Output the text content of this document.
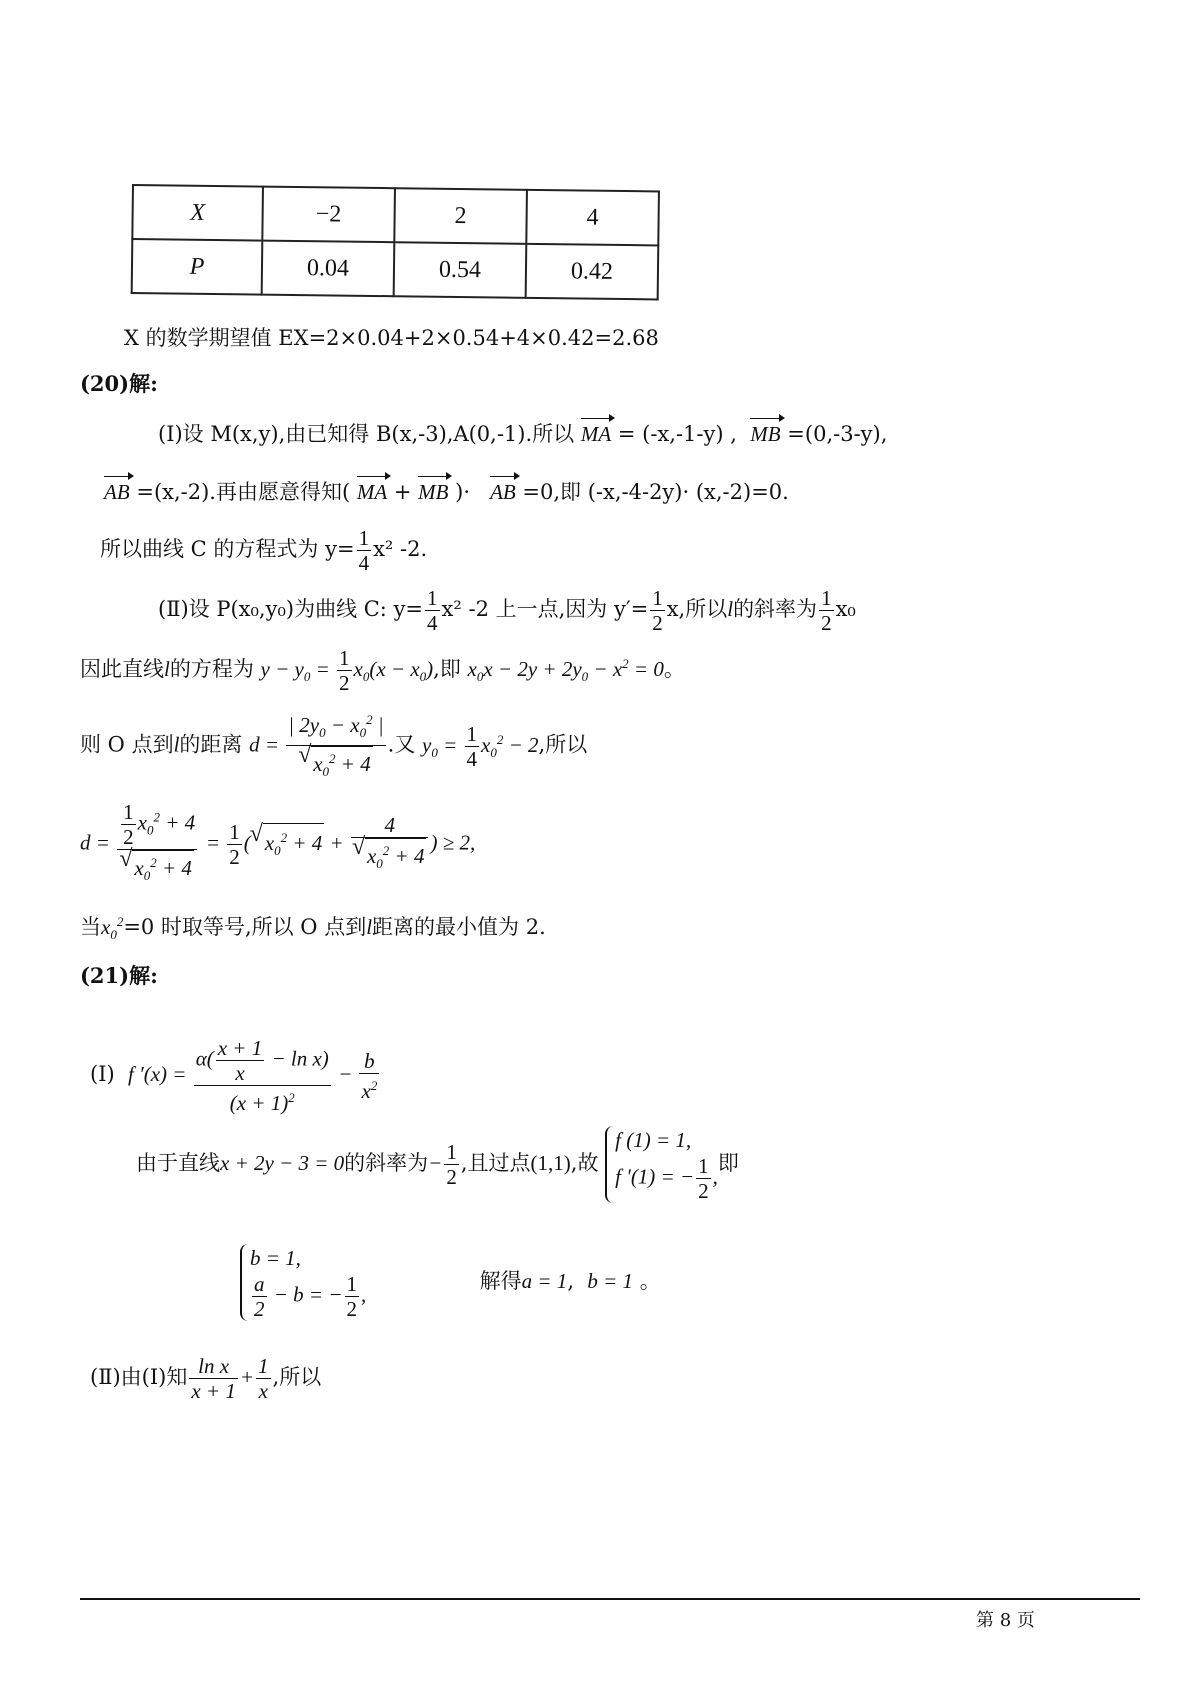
X	−2	2	4
P	0.04	0.54	0.42
X 的数学期望值 EX=2×0.04+2×0.54+4×0.42=2.68
(20)解:
(Ⅰ)设 M(x,y),由已知得 B(x,-3),A(0,-1).所以 MA = (-x,-1-y) , MB =(0,-3-y),
AB =(x,-2).再由愿意得知( MA + MB )· AB =0,即 (-x,-4-2y)· (x,-2)=0.
所以曲线 C 的方程式为 $y= \frac{1}{4} x^2$ -2.
(Ⅱ)设 P(x₀,y₀)为曲线 C: $y= \frac{1}{4} x^2$ -2 上一点,因为 $y'= \frac{1}{2} x$,所以l的斜率为 $\frac{1}{2} x_0$
因此直线l的方程为 $y - y_0 = \frac{1}{2} x_0(x - x_0)$,即 $x_0x - 2y + 2y_0 - x^2 = 0$。
则 O 点到l的距离 d = | $2y_0 - x_0^2$ |
√ $x_0^2 + 4$ .又 $y_0 = \frac{1}{4} x_0^2 - 2$,所以
$d = \frac{1}{2} x_0^2 + 4$
√ $x_0^2 + 4 = \frac{1}{2}$ ( √ $x_0^2 + 4 + 4$
√ $x_0^2 + 4$ ) ≥ 2,
当$x_0^2=0$ 时取等号,所以 O 点到l距离的最小值为 2.
(21)解:
(Ⅰ) f $'(x) = \frac{\alpha( \frac{x + 1}{x} - \ln x)}{(x + 1)^2} - \frac{b}{x^2}$
由于直线x + 2y − 3 = 0的斜率为− $\frac{1}{2}$ ,且过点(1,1),故
f (1) = 1,
f ′(1) = − $\frac{1}{2}$ ,
即
b = 1,
$\frac{a}{2} - b$ = − $\frac{1}{2}$ ,
解得a = 1,  b = 1 。
(Ⅱ)由(Ⅰ)知 $\frac{\text{ln x}}{x + 1} + \frac{1}{x}$ ,所以
第 8 页
